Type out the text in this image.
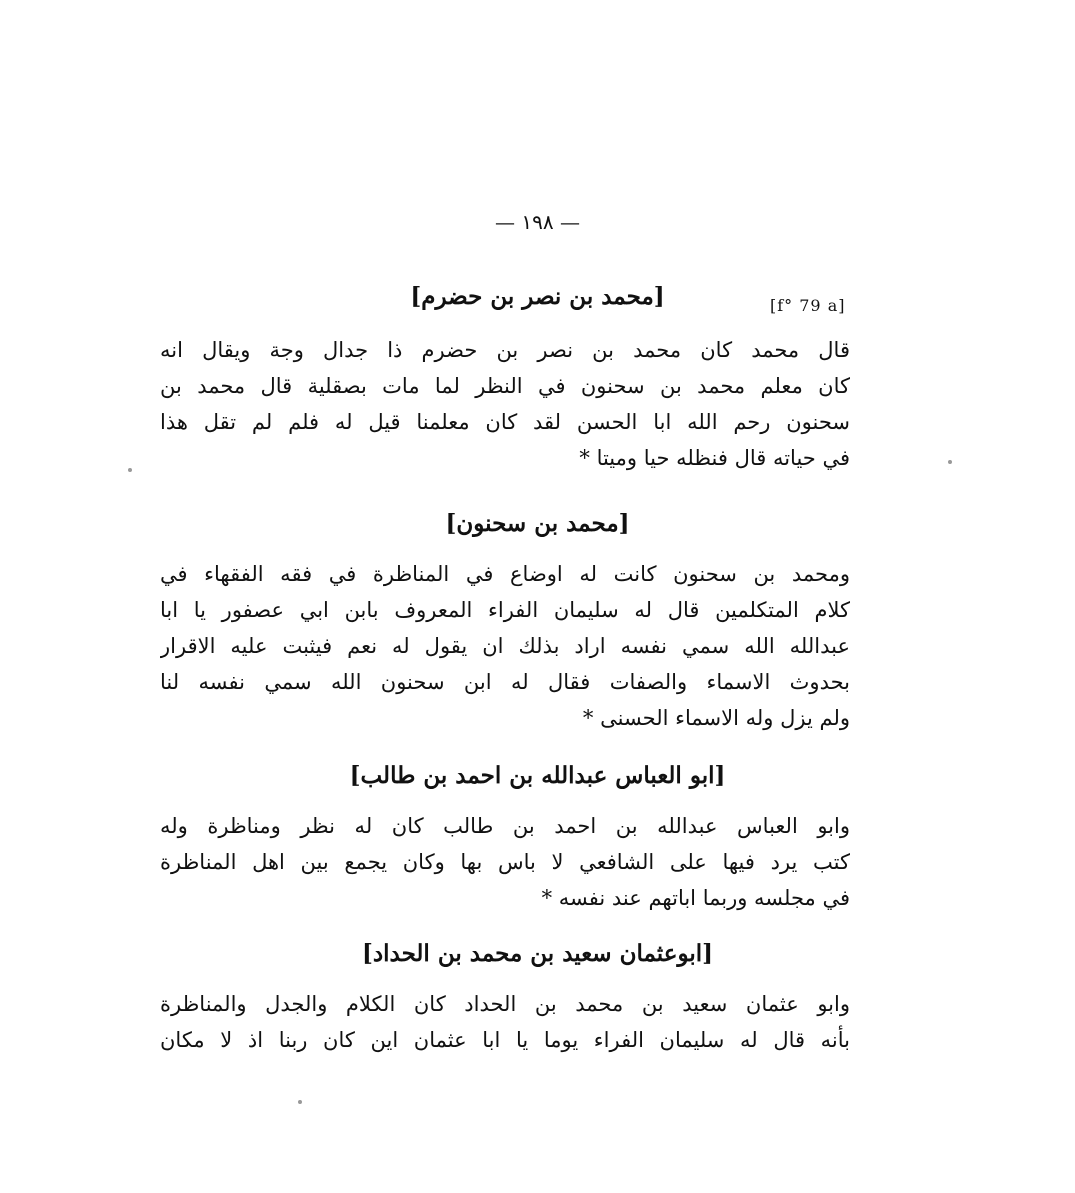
— ١٩٨ —
[f° 79 a]
[محمد بن نصر بن حضرم]
قال محمد كان محمد بن نصر بن حضرم ذا جدال وجة ويقال انه
كان معلم محمد بن سحنون في النظر لما مات بصقلية قال محمد بن
سحنون رحم الله ابا الحسن لقد كان معلمنا قيل له فلم لم تقل هذا
في حياته قال فنظله حيا وميتا *
[محمد بن سحنون]
ومحمد بن سحنون كانت له اوضاع في المناظرة في فقه الفقهاء في
كلام المتكلمين قال له سليمان الفراء المعروف بابن ابي عصفور يا ابا
عبدالله الله سمي نفسه اراد بذلك ان يقول له نعم فيثبت عليه الاقرار
بحدوث الاسماء والصفات فقال له ابن سحنون الله سمي نفسه لنا
ولم يزل وله الاسماء الحسنى *
[ابو العباس عبدالله بن احمد بن طالب]
وابو العباس عبدالله بن احمد بن طالب كان له نظر ومناظرة وله
كتب يرد فيها على الشافعي لا باس بها وكان يجمع بين اهل المناظرة
في مجلسه وربما اباتهم عند نفسه *
[ابوعثمان سعيد بن محمد بن الحداد]
وابو عثمان سعيد بن محمد بن الحداد كان الكلام والجدل والمناظرة
بأنه قال له سليمان الفراء يوما يا ابا عثمان اين كان ربنا اذ لا مكان
